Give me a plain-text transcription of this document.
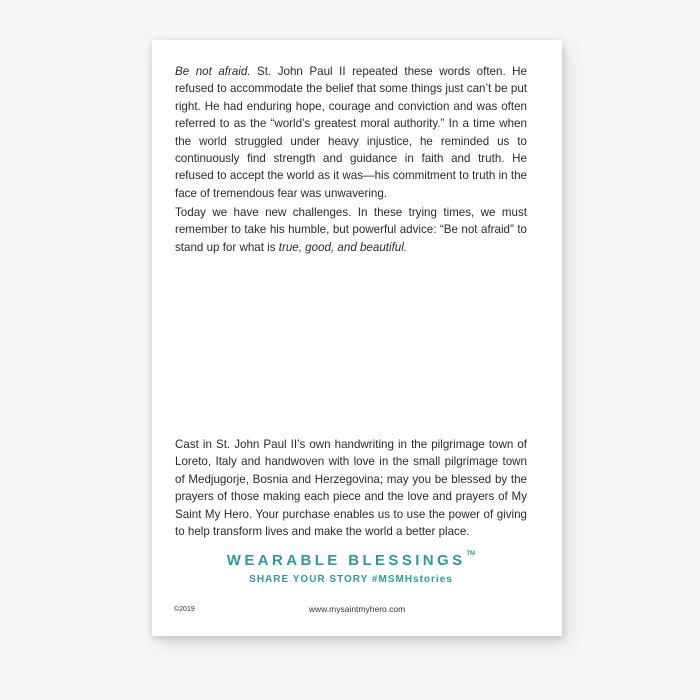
Be not afraid. St. John Paul II repeated these words often. He refused to accommodate the belief that some things just can’t be put right. He had enduring hope, courage and conviction and was often referred to as the “world’s greatest moral authority.” In a time when the world struggled under heavy injustice, he reminded us to continuously find strength and guidance in faith and truth. He refused to accept the world as it was—his commitment to truth in the face of tremendous fear was unwavering.

Today we have new challenges. In these trying times, we must remember to take his humble, but powerful advice: “Be not afraid” to stand up for what is true, good, and beautiful.

Cast in St. John Paul II’s own handwriting in the pilgrimage town of Loreto, Italy and handwoven with love in the small pilgrimage town of Medjugorje, Bosnia and Herzegovina; may you be blessed by the prayers of those making each piece and the love and prayers of My Saint My Hero. Your purchase enables us to use the power of giving to help transform lives and make the world a better place.

WEARABLE BLESSINGS™
SHARE YOUR STORY #MSMHstories
©2019	www.mysaintmyhero.com
